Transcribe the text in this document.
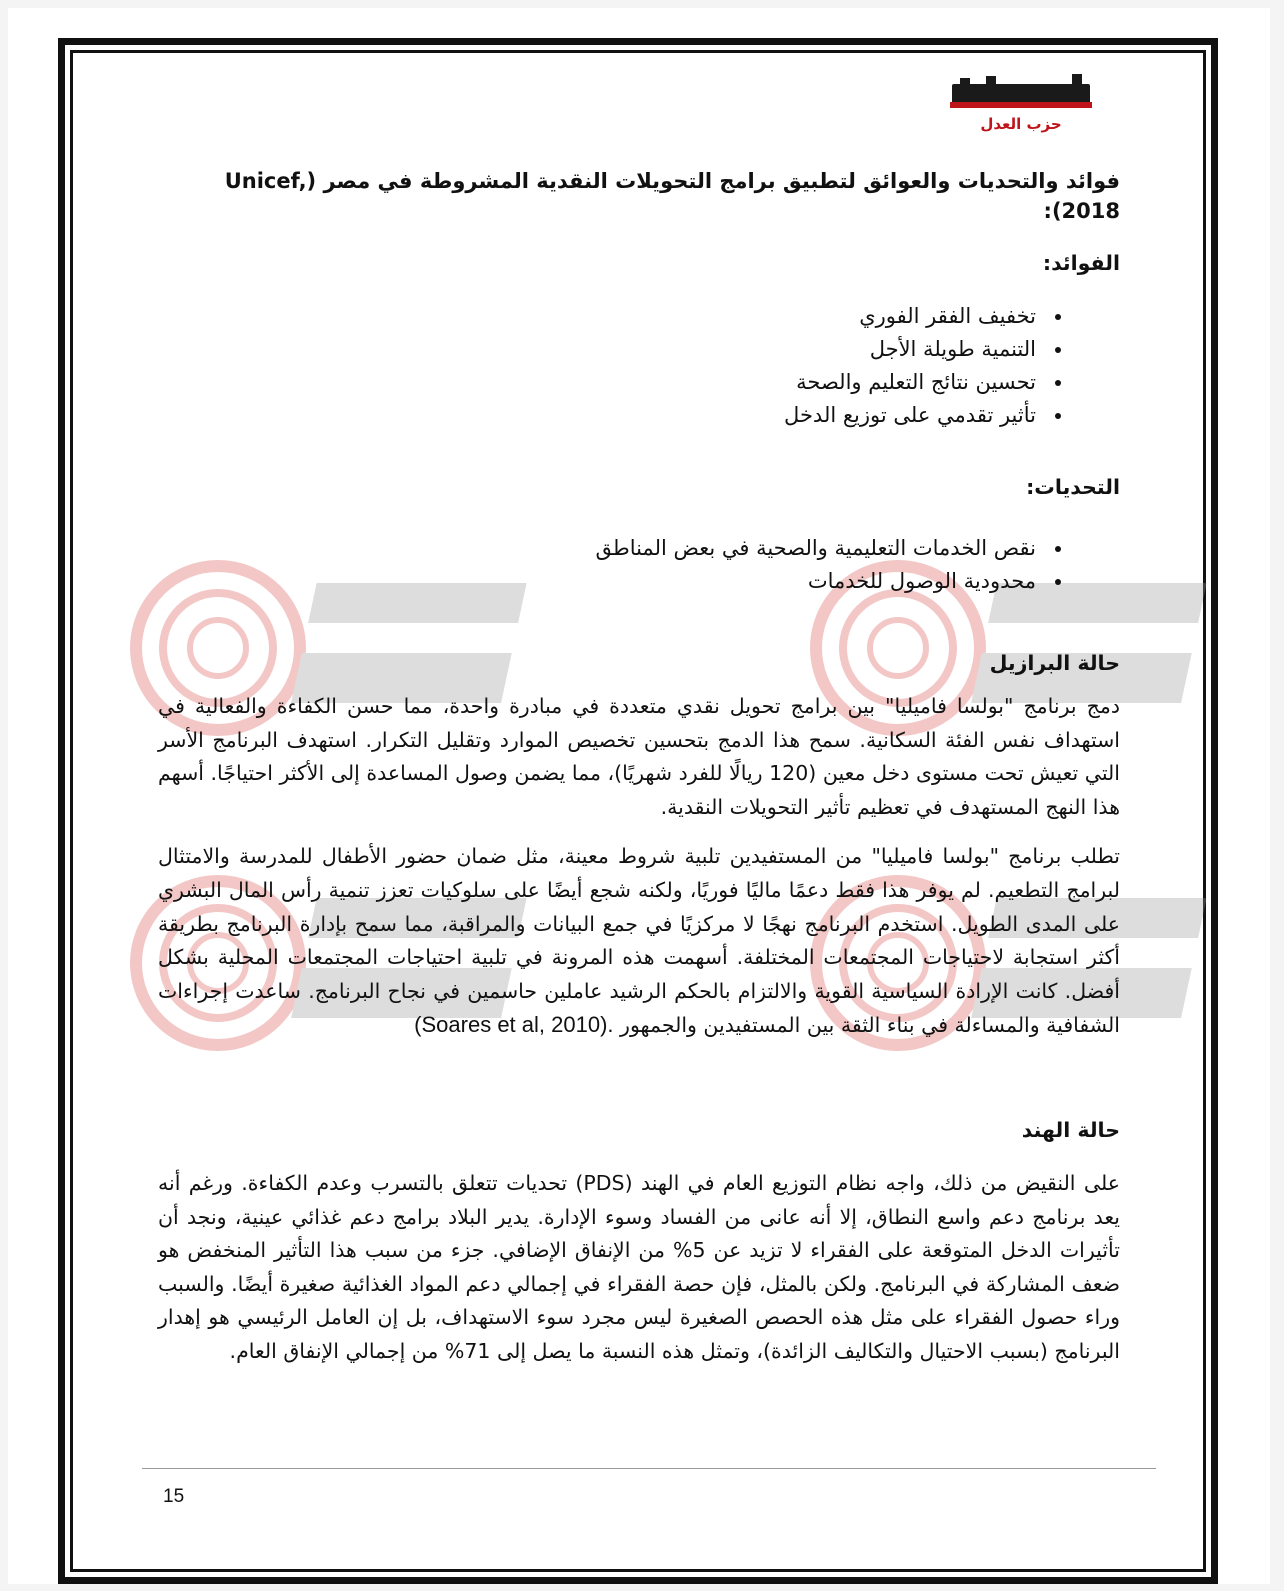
حزب العدل
فوائد والتحديات والعوائق لتطبيق برامج التحويلات النقدية المشروطة في مصر (Unicef, 2018):
الفوائد:
• تخفيف الفقر الفوري
• التنمية طويلة الأجل
• تحسين نتائج التعليم والصحة
• تأثير تقدمي على توزيع الدخل
التحديات:
• نقص الخدمات التعليمية والصحية في بعض المناطق
• محدودية الوصول للخدمات
حالة البرازيل

دمج برنامج "بولسا فاميليا" بين برامج تحويل نقدي متعددة في مبادرة واحدة، مما حسن الكفاءة والفعالية في استهداف نفس الفئة السكانية. سمح هذا الدمج بتحسين تخصيص الموارد وتقليل التكرار. استهدف البرنامج الأسر التي تعيش تحت مستوى دخل معين (120 ريالًا للفرد شهريًا)، مما يضمن وصول المساعدة إلى الأكثر احتياجًا. أسهم هذا النهج المستهدف في تعظيم تأثير التحويلات النقدية.

تطلب برنامج "بولسا فاميليا" من المستفيدين تلبية شروط معينة، مثل ضمان حضور الأطفال للمدرسة والامتثال لبرامج التطعيم. لم يوفر هذا فقط دعمًا ماليًا فوريًا، ولكنه شجع أيضًا على سلوكيات تعزز تنمية رأس المال البشري على المدى الطويل. استخدم البرنامج نهجًا لا مركزيًا في جمع البيانات والمراقبة، مما سمح بإدارة البرنامج بطريقة أكثر استجابة لاحتياجات المجتمعات المختلفة. أسهمت هذه المرونة في تلبية احتياجات المجتمعات المحلية بشكل أفضل. كانت الإرادة السياسية القوية والالتزام بالحكم الرشيد عاملين حاسمين في نجاح البرنامج. ساعدت إجراءات الشفافية والمساءلة في بناء الثقة بين المستفيدين والجمهور (Soares et al, 2010).

حالة الهند

على النقيض من ذلك، واجه نظام التوزيع العام في الهند (PDS) تحديات تتعلق بالتسرب وعدم الكفاءة. ورغم أنه يعد برنامج دعم واسع النطاق، إلا أنه عانى من الفساد وسوء الإدارة. يدير البلاد برامج دعم غذائي عينية، ونجد أن تأثيرات الدخل المتوقعة على الفقراء لا تزيد عن 5% من الإنفاق الإضافي. جزء من سبب هذا التأثير المنخفض هو ضعف المشاركة في البرنامج. ولكن بالمثل، فإن حصة الفقراء في إجمالي دعم المواد الغذائية صغيرة أيضًا. والسبب وراء حصول الفقراء على مثل هذه الحصص الصغيرة ليس مجرد سوء الاستهداف، بل إن العامل الرئيسي هو إهدار البرنامج (بسبب الاحتيال والتكاليف الزائدة)، وتمثل هذه النسبة ما يصل إلى 71% من إجمالي الإنفاق العام.

15
